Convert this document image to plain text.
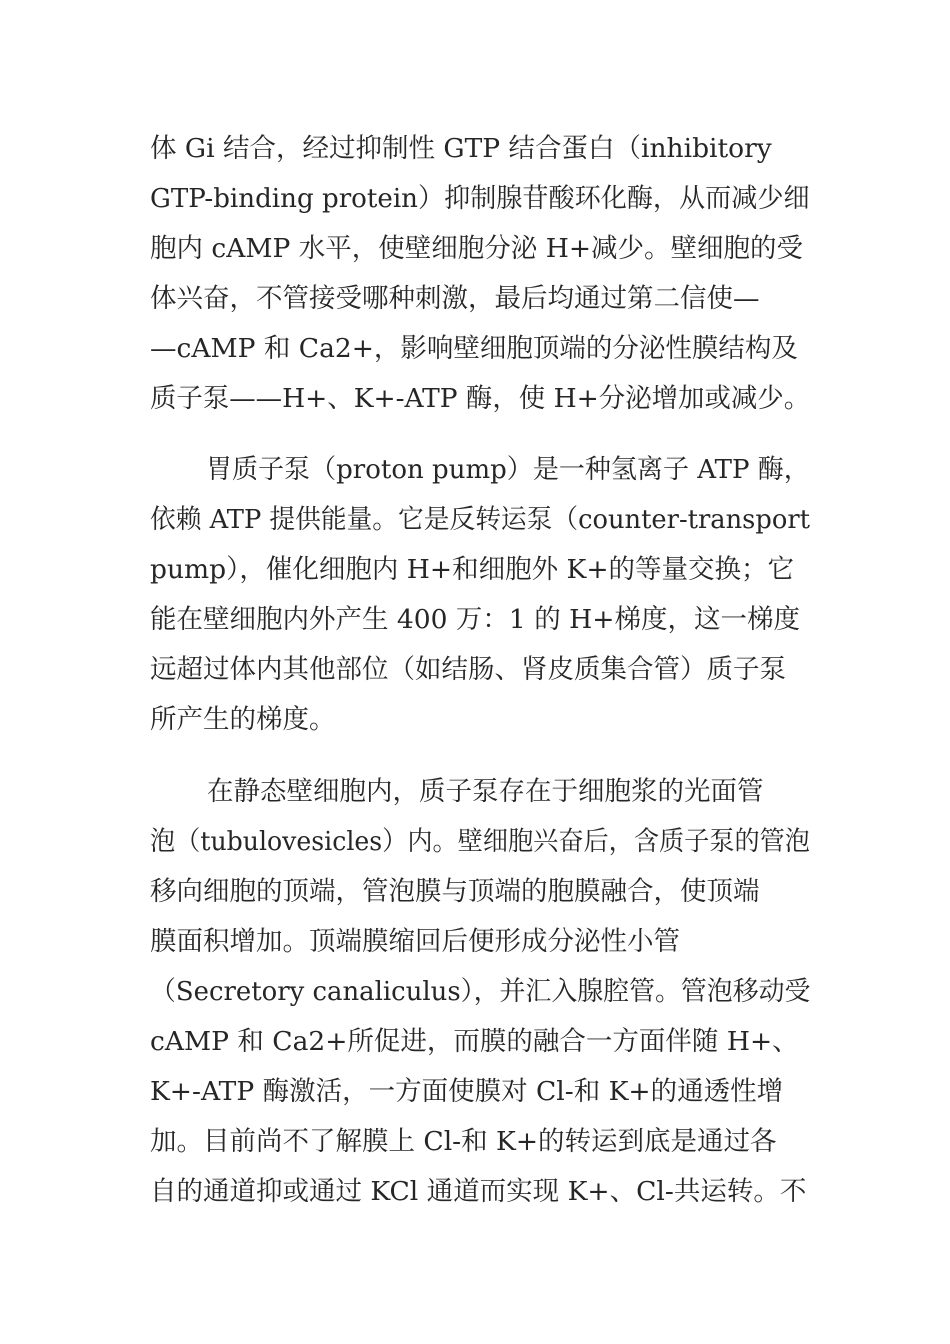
体 Gi 结合，经过抑制性 GTP 结合蛋白（inhibitory
GTP-binding protein）抑制腺苷酸环化酶，从而减少细
胞内 cAMP 水平，使壁细胞分泌 H+减少。壁细胞的受
体兴奋，不管接受哪种刺激，最后均通过第二信使—
—cAMP 和 Ca2+，影响壁细胞顶端的分泌性膜结构及
质子泵——H+、K+-ATP 酶，使 H+分泌增加或减少。
胃质子泵（proton pump）是一种氢离子 ATP 酶，
依赖 ATP 提供能量。它是反转运泵（counter-transport
pump），催化细胞内 H+和细胞外 K+的等量交换；它
能在壁细胞内外产生 400 万：1 的 H+梯度，这一梯度
远超过体内其他部位（如结肠、肾皮质集合管）质子泵
所产生的梯度。
在静态壁细胞内，质子泵存在于细胞浆的光面管
泡（tubulovesicles）内。壁细胞兴奋后，含质子泵的管泡
移向细胞的顶端，管泡膜与顶端的胞膜融合，使顶端
膜面积增加。顶端膜缩回后便形成分泌性小管
（Secretory canaliculus），并汇入腺腔管。管泡移动受
cAMP 和 Ca2+所促进，而膜的融合一方面伴随 H+、
K+-ATP 酶激活，一方面使膜对 Cl-和 K+的通透性增
加。目前尚不了解膜上 Cl-和 K+的转运到底是通过各
自的通道抑或通过 KCl 通道而实现 K+、Cl-共运转。不
